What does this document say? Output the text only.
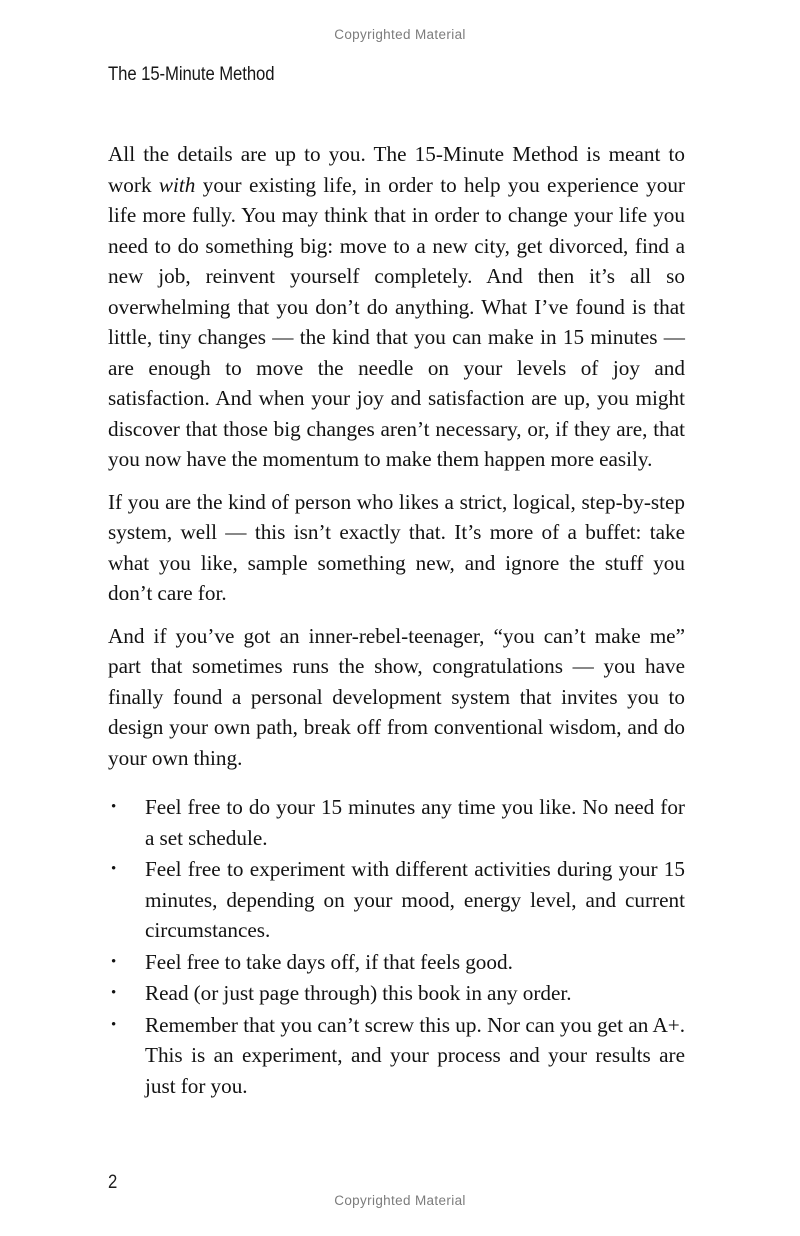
Copyrighted Material
The 15-Minute Method

All the details are up to you. The 15-Minute Method is meant to work with your existing life, in order to help you experience your life more fully. You may think that in order to change your life you need to do something big: move to a new city, get divorced, find a new job, reinvent yourself completely. And then it’s all so overwhelming that you don’t do anything. What I’ve found is that little, tiny changes — the kind that you can make in 15 minutes — are enough to move the needle on your levels of joy and satisfaction. And when your joy and satisfaction are up, you might discover that those big changes aren’t necessary, or, if they are, that you now have the momentum to make them happen more easily.

If you are the kind of person who likes a strict, logical, step-by-step system, well — this isn’t exactly that. It’s more of a buffet: take what you like, sample something new, and ignore the stuff you don’t care for.

And if you’ve got an inner-rebel-teenager, “you can’t make me” part that sometimes runs the show, congratulations — you have finally found a personal development system that invites you to design your own path, break off from conventional wisdom, and do your own thing.

• Feel free to do your 15 minutes any time you like. No need for a set schedule.
• Feel free to experiment with different activities during your 15 minutes, depending on your mood, energy level, and current circumstances.
• Feel free to take days off, if that feels good.
• Read (or just page through) this book in any order.
• Remember that you can’t screw this up. Nor can you get an A+. This is an experiment, and your process and your results are just for you.
2
Copyrighted Material
